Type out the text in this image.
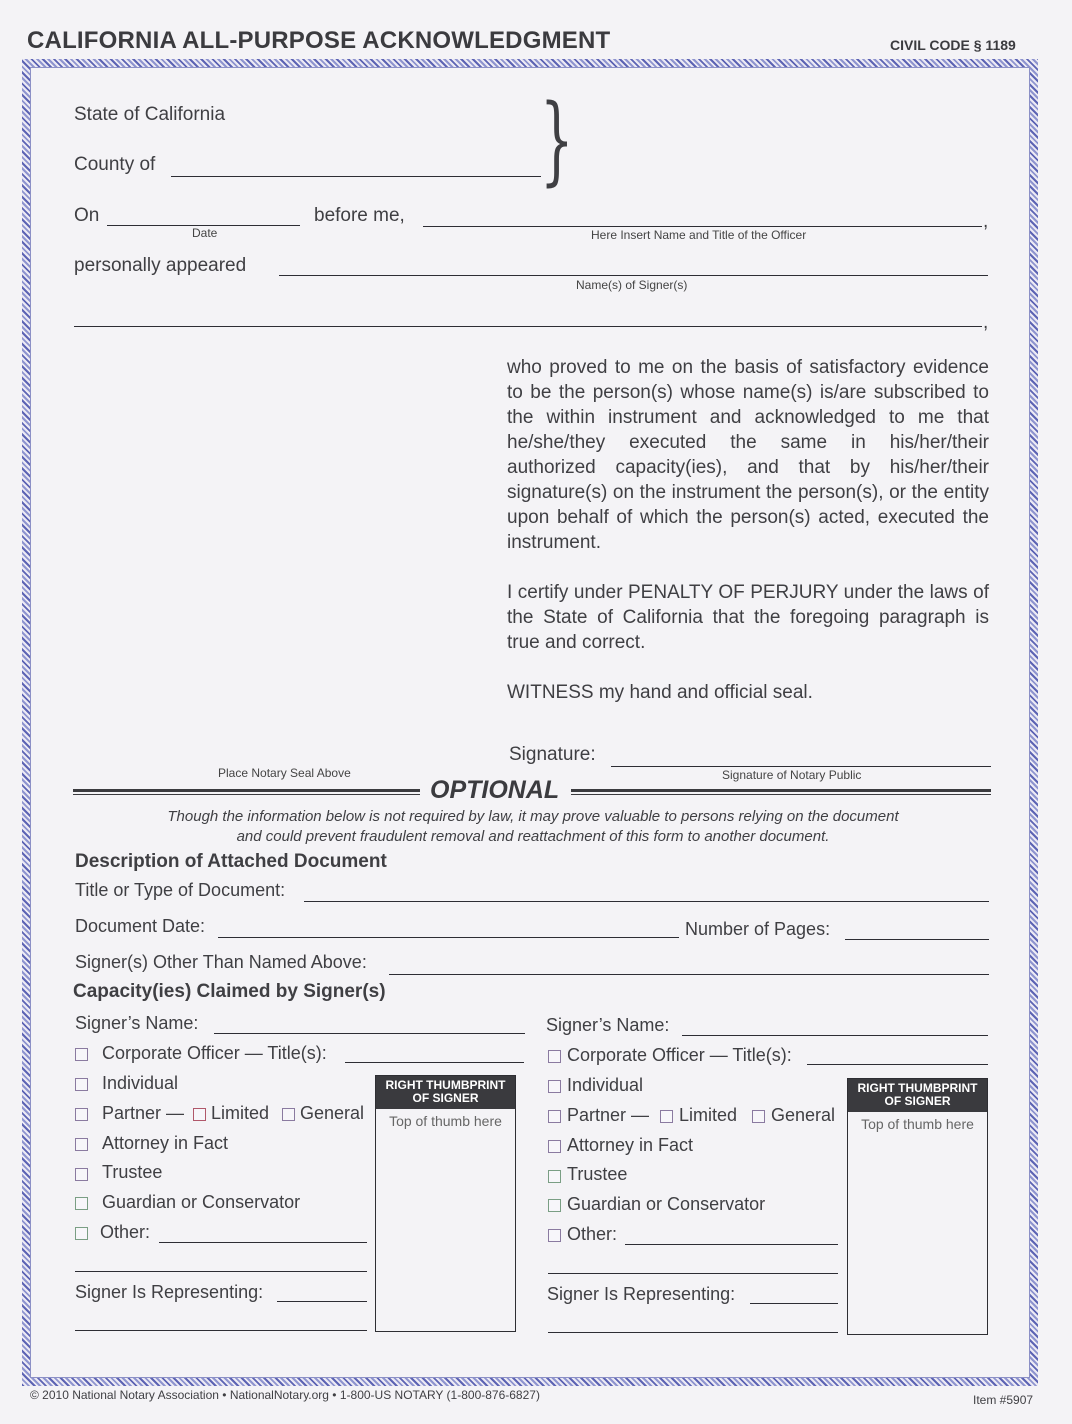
CALIFORNIA ALL-PURPOSE ACKNOWLEDGMENT	CIVIL CODE § 1189
State of California
County of	}
On
Date
before me,	,
Here Insert Name and Title of the Officer
personally appeared
Name(s) of Signer(s)
,
who proved to me on the basis of satisfactory evidence to be the person(s) whose name(s) is/are subscribed to the within instrument and acknowledged to me that he/she/they executed the same in his/her/their authorized capacity(ies), and that by his/her/their signature(s) on the instrument the person(s), or the entity upon behalf of which the person(s) acted, executed the instrument.
I certify under PENALTY OF PERJURY under the laws of the State of California that the foregoing paragraph is true and correct.
WITNESS my hand and official seal.
Signature:
Signature of Notary Public
Place Notary Seal Above
OPTIONAL
Though the information below is not required by law, it may prove valuable to persons relying on the document
and could prevent fraudulent removal and reattachment of this form to another document.
Description of Attached Document
Title or Type of Document:
Document Date:	Number of Pages:
Signer(s) Other Than Named Above:
Capacity(ies) Claimed by Signer(s)
Signer’s Name:
Corporate Officer — Title(s):
Individual
Partner — Limited General
Attorney in Fact
Trustee
Guardian or Conservator
Other:
Signer Is Representing:
RIGHT THUMBPRINT
OF SIGNER
Top of thumb here
Signer’s Name:
Corporate Officer — Title(s):
Individual
Partner — Limited General
Attorney in Fact
Trustee
Guardian or Conservator
Other:
Signer Is Representing:
RIGHT THUMBPRINT
OF SIGNER
Top of thumb here
© 2010 National Notary Association • NationalNotary.org • 1-800-US NOTARY (1-800-876-6827)	Item #5907
